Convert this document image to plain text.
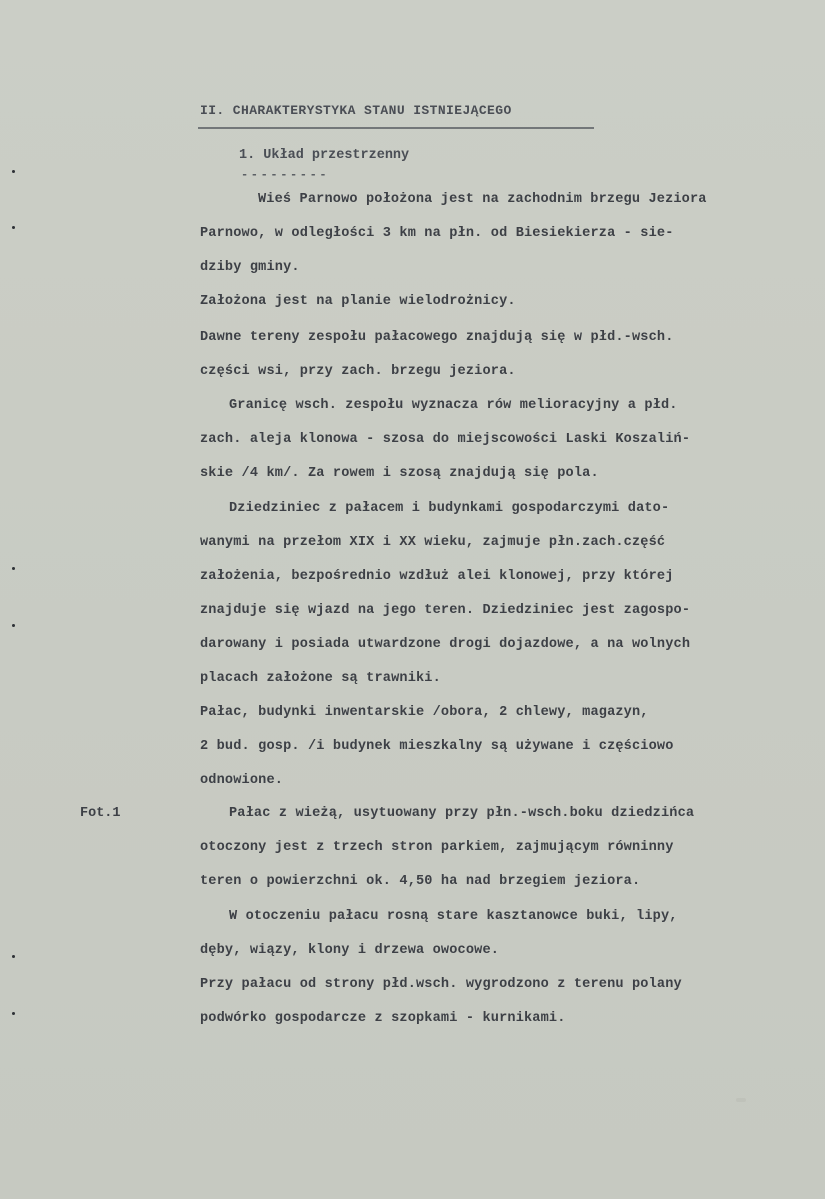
II. CHARAKTERYSTYKA STANU ISTNIEJĄCEGO
1. Układ przestrzenny
---------
Fot.1
Wieś Parnowo położona jest na zachodnim brzegu Jeziora
Parnowo, w odległości 3 km na płn. od Biesiekierza - sie-
dziby gminy.
Założona jest na planie wielodrożnicy.
Dawne tereny zespołu pałacowego znajdują się w płd.-wsch.
części wsi, przy zach. brzegu jeziora.
Granicę wsch. zespołu wyznacza rów melioracyjny a płd.
zach. aleja klonowa - szosa do miejscowości Laski Koszaliń-
skie /4 km/. Za rowem i szosą znajdują się pola.
Dziedziniec z pałacem i budynkami gospodarczymi dato-
wanymi na przełom XIX i XX wieku, zajmuje płn.zach.część
założenia, bezpośrednio wzdłuż alei klonowej, przy której
znajduje się wjazd na jego teren. Dziedziniec jest zagospo-
darowany i posiada utwardzone drogi dojazdowe, a na wolnych
placach założone są trawniki.
Pałac, budynki inwentarskie /obora, 2 chlewy, magazyn,
2 bud. gosp. /i budynek mieszkalny są używane i częściowo
odnowione.
Pałac z wieżą, usytuowany przy płn.-wsch.boku dziedzińca
otoczony jest z trzech stron parkiem, zajmującym równinny
teren o powierzchni ok. 4,50 ha nad brzegiem jeziora.
W otoczeniu pałacu rosną stare kasztanowce buki, lipy,
dęby, wiązy, klony i drzewa owocowe.
Przy pałacu od strony płd.wsch. wygrodzono z terenu polany
podwórko gospodarcze z szopkami - kurnikami.
